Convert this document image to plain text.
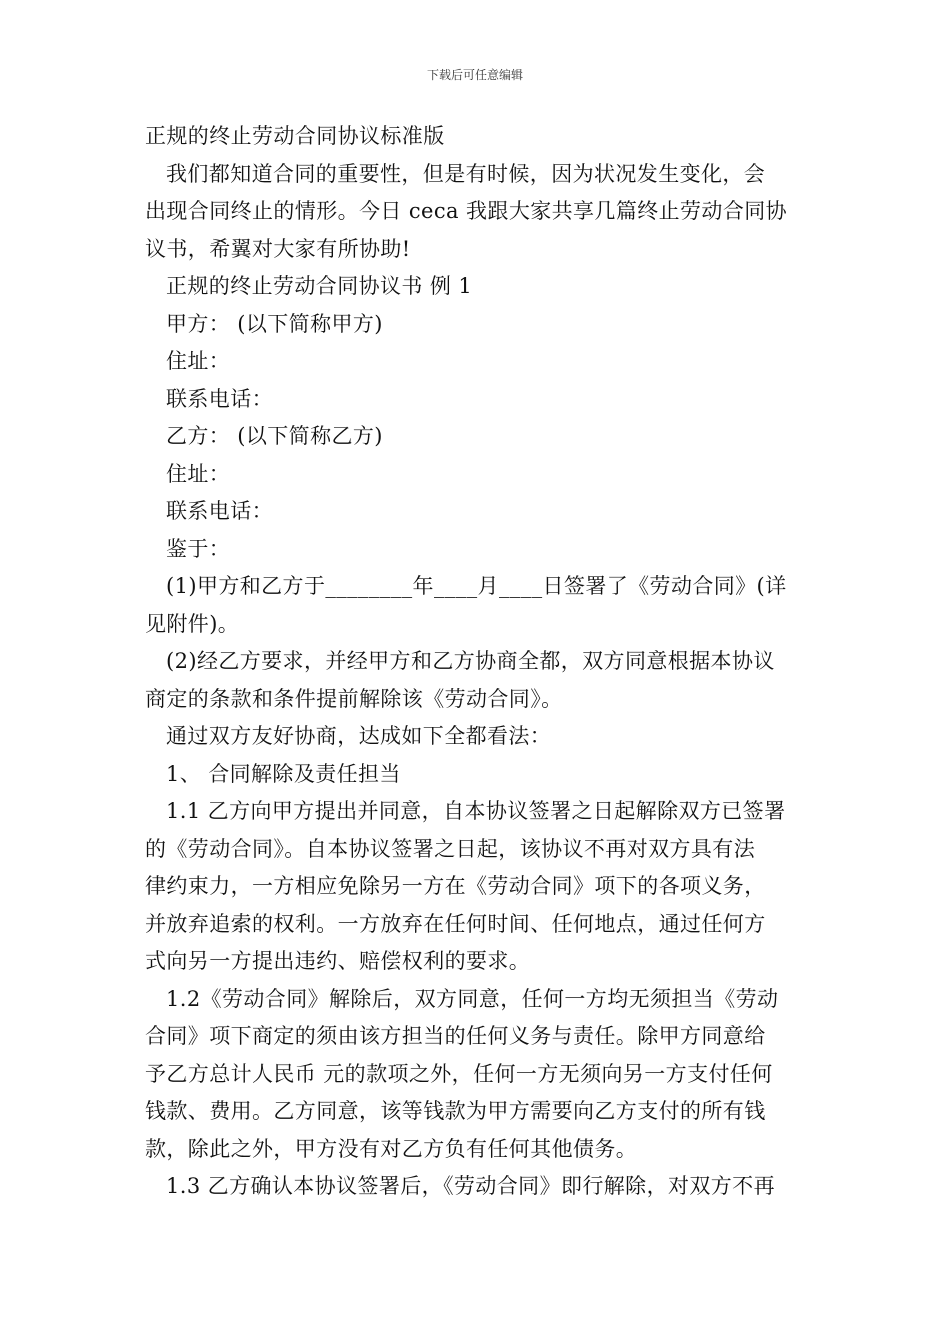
下载后可任意编辑
正规的终止劳动合同协议标准版
我们都知道合同的重要性，但是有时候，因为状况发生变化，会
出现合同终止的情形。今日 ceca 我跟大家共享几篇终止劳动合同协
议书，希翼对大家有所协助!
正规的终止劳动合同协议书 例 1
甲方： (以下简称甲方)
住址：
联系电话：
乙方： (以下简称乙方)
住址：
联系电话：
鉴于：
(1)甲方和乙方于________年____月____日签署了《劳动合同》(详
见附件)。
(2)经乙方要求，并经甲方和乙方协商全都，双方同意根据本协议
商定的条款和条件提前解除该《劳动合同》。
通过双方友好协商，达成如下全都看法：
1、 合同解除及责任担当
1.1 乙方向甲方提出并同意，自本协议签署之日起解除双方已签署
的《劳动合同》。自本协议签署之日起，该协议不再对双方具有法
律约束力，一方相应免除另一方在《劳动合同》项下的各项义务，
并放弃追索的权利。一方放弃在任何时间、任何地点，通过任何方
式向另一方提出违约、赔偿权利的要求。
1.2《劳动合同》解除后，双方同意，任何一方均无须担当《劳动
合同》项下商定的须由该方担当的任何义务与责任。除甲方同意给
予乙方总计人民币 元的款项之外，任何一方无须向另一方支付任何
钱款、费用。乙方同意，该等钱款为甲方需要向乙方支付的所有钱
款，除此之外，甲方没有对乙方负有任何其他债务。
1.3 乙方确认本协议签署后，《劳动合同》即行解除，对双方不再
